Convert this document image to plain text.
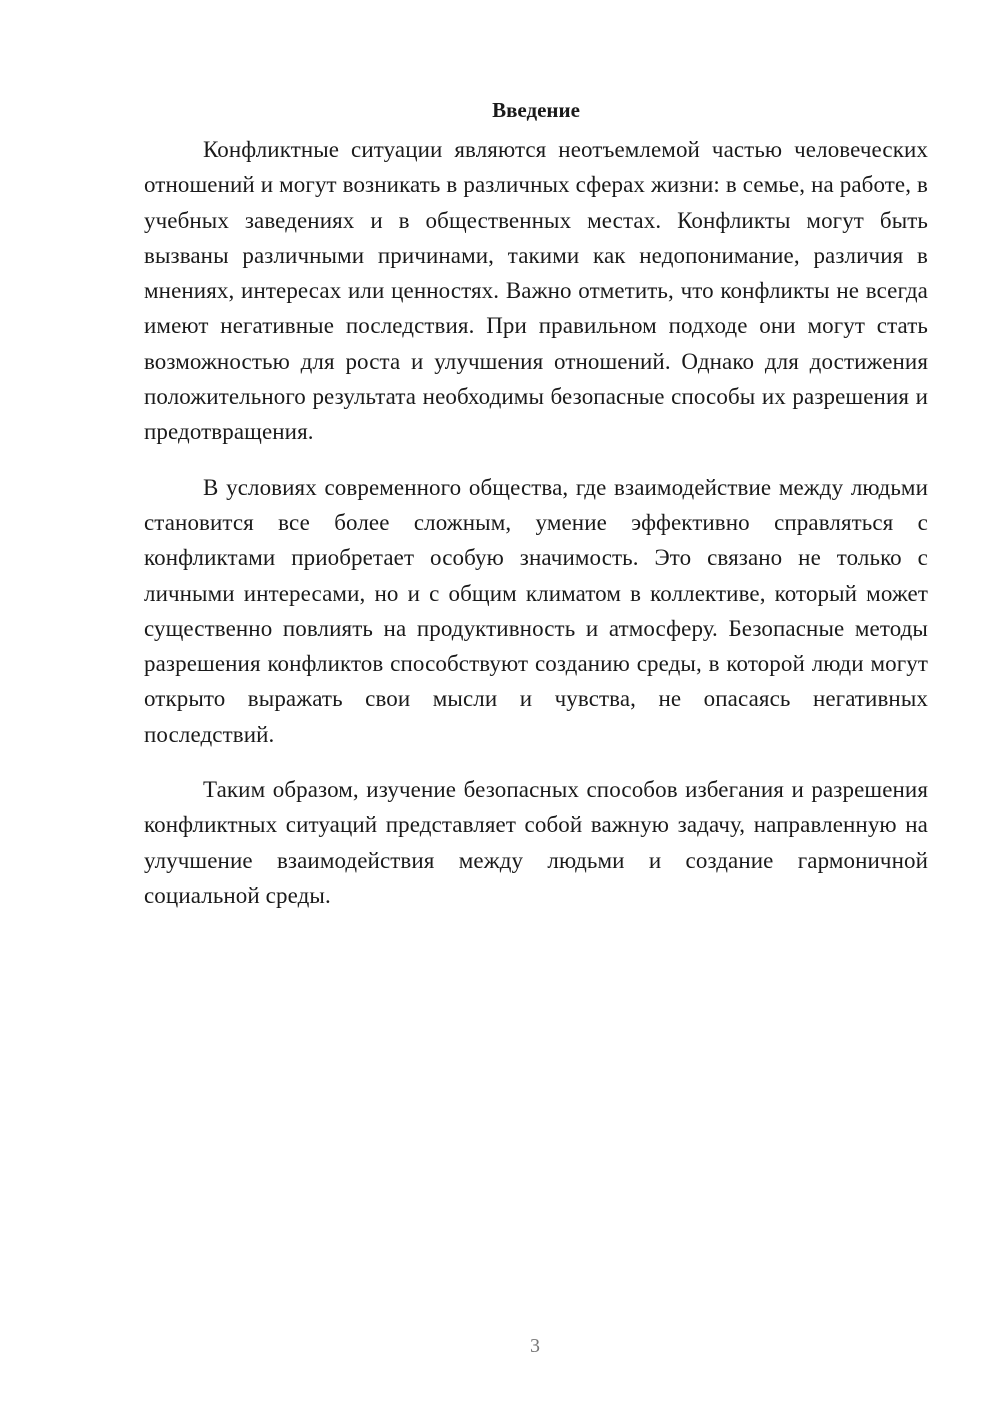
Введение

Конфликтные ситуации являются неотъемлемой частью человеческих отношений и могут возникать в различных сферах жизни: в семье, на работе, в учебных заведениях и в общественных местах. Конфликты могут быть вызваны различными причинами, такими как недопонимание, различия в мнениях, интересах или ценностях. Важно отметить, что конфликты не всегда имеют негативные последствия. При правильном подходе они могут стать возможностью для роста и улучшения отношений. Однако для достижения положительного результата необходимы безопасные способы их разрешения и предотвращения.

В условиях современного общества, где взаимодействие между людьми становится все более сложным, умение эффективно справляться с конфликтами приобретает особую значимость. Это связано не только с личными интересами, но и с общим климатом в коллективе, который может существенно повлиять на продуктивность и атмосферу. Безопасные методы разрешения конфликтов способствуют созданию среды, в которой люди могут открыто выражать свои мысли и чувства, не опасаясь негативных последствий.

Таким образом, изучение безопасных способов избегания и разрешения конфликтных ситуаций представляет собой важную задачу, направленную на улучшение взаимодействия между людьми и создание гармоничной социальной среды.

3
